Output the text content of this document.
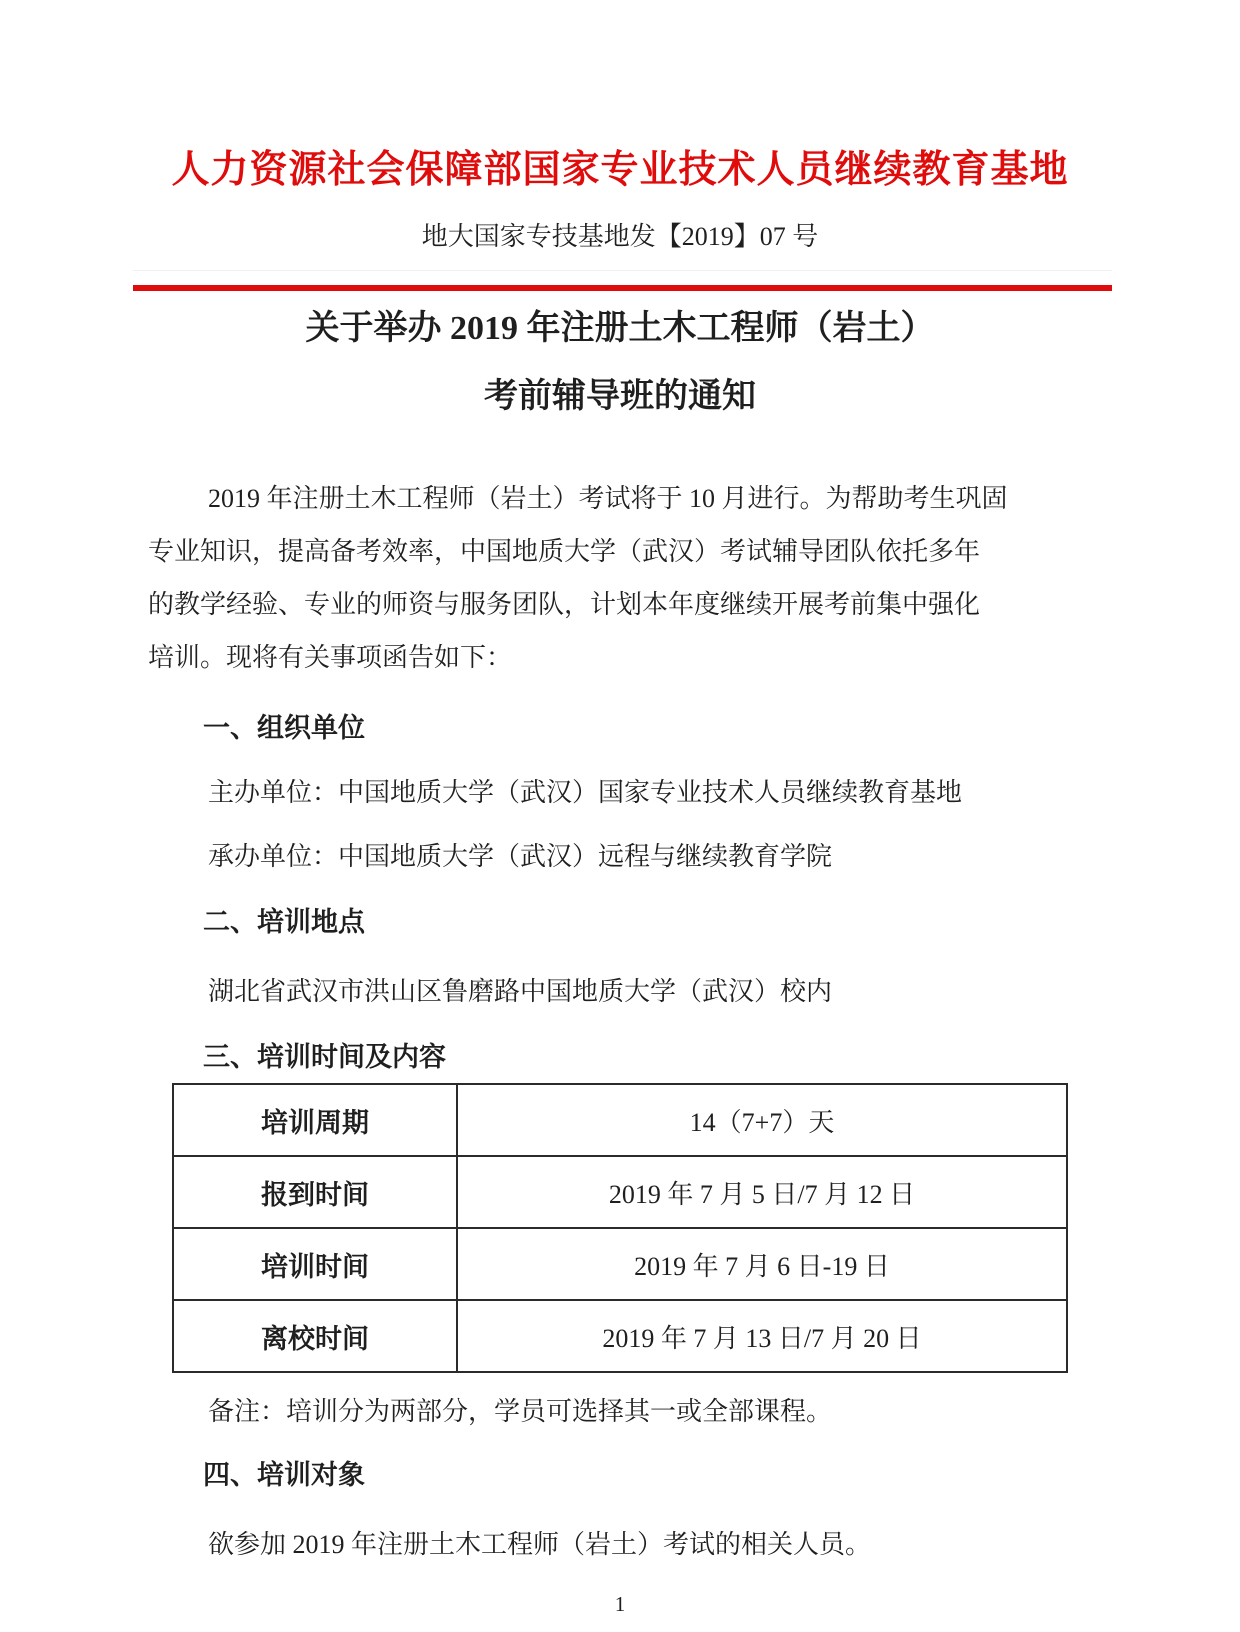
人力资源社会保障部国家专业技术人员继续教育基地
地大国家专技基地发【2019】07 号
关于举办 2019 年注册土木工程师（岩土）
考前辅导班的通知
2019 年注册土木工程师（岩土）考试将于 10 月进行。为帮助考生巩固
专业知识，提高备考效率，中国地质大学（武汉）考试辅导团队依托多年
的教学经验、专业的师资与服务团队，计划本年度继续开展考前集中强化
培训。现将有关事项函告如下：
一、组织单位
主办单位：中国地质大学（武汉）国家专业技术人员继续教育基地
承办单位：中国地质大学（武汉）远程与继续教育学院
二、培训地点
湖北省武汉市洪山区鲁磨路中国地质大学（武汉）校内
三、培训时间及内容
培训周期	14（7+7）天
报到时间	2019 年 7 月 5 日/7 月 12 日
培训时间	2019 年 7 月 6 日-19 日
离校时间	2019 年 7 月 13 日/7 月 20 日
备注：培训分为两部分，学员可选择其一或全部课程。
四、培训对象
欲参加 2019 年注册土木工程师（岩土）考试的相关人员。
1
